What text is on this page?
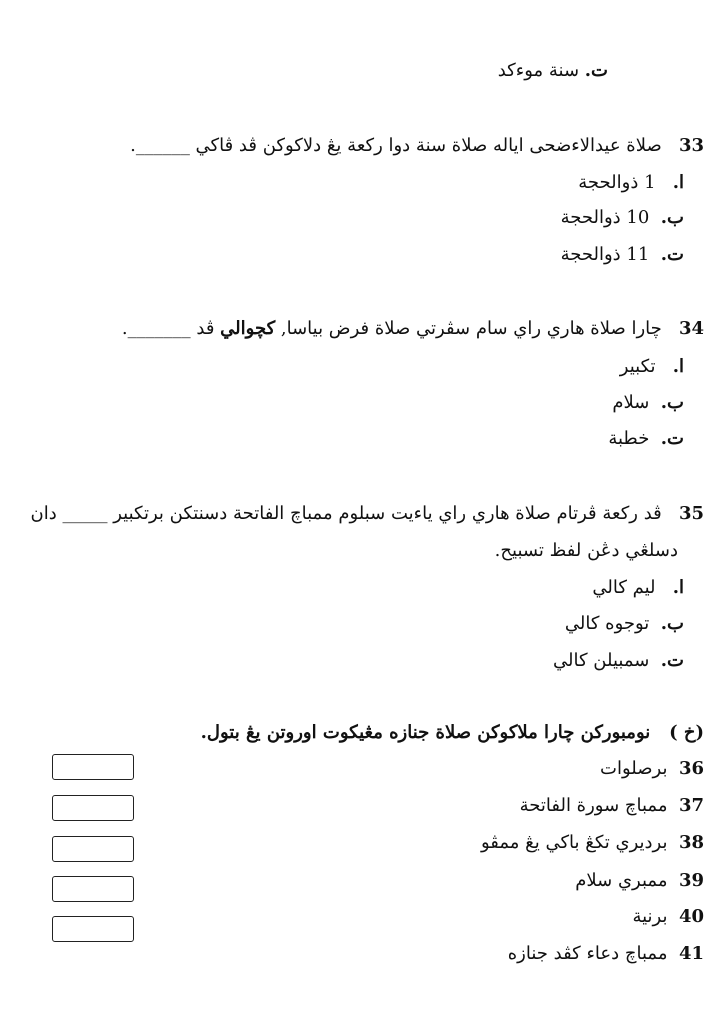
ت. سنة موءكد
33   صلاة عيدالاءضحى اياله صلاة سنة دوا ركعة يڠ دلاكوكن ڤد ڤاکي ______.
ا.   1 ذوالحجة
ب.  10 ذوالحجة
ت.  11 ذوالحجة
34   چارا صلاة هاري راي سام سڤرتي صلاة فرض بياسا, کچوالي ڤد _______.
ا.   تکبير
ب.  سلام
ت.  خطبة
35   ڤد رکعة ڤرتام صلاة هاري راي ياءيت سبلوم ممباچ الفاتحة دسنتکن برتکبير _____ دان
دسلڠي دڠن لفظ تسبيح.
ا.   ليم کالي
ب.  توجوه کالي
ت.  سمبيلن کالي
(خ )   نومبورکن چارا ملاکوکن صلاة جنازه مڠيکوت اوروتن يڠ بتول.
36  برصلوات
37  ممباچ سورة الفاتحة
38  برديري تکڠ باکي يڠ ممڤو
39  ممبري سلام
40  برنية
41  ممباچ دعاء کڤد جنازه
